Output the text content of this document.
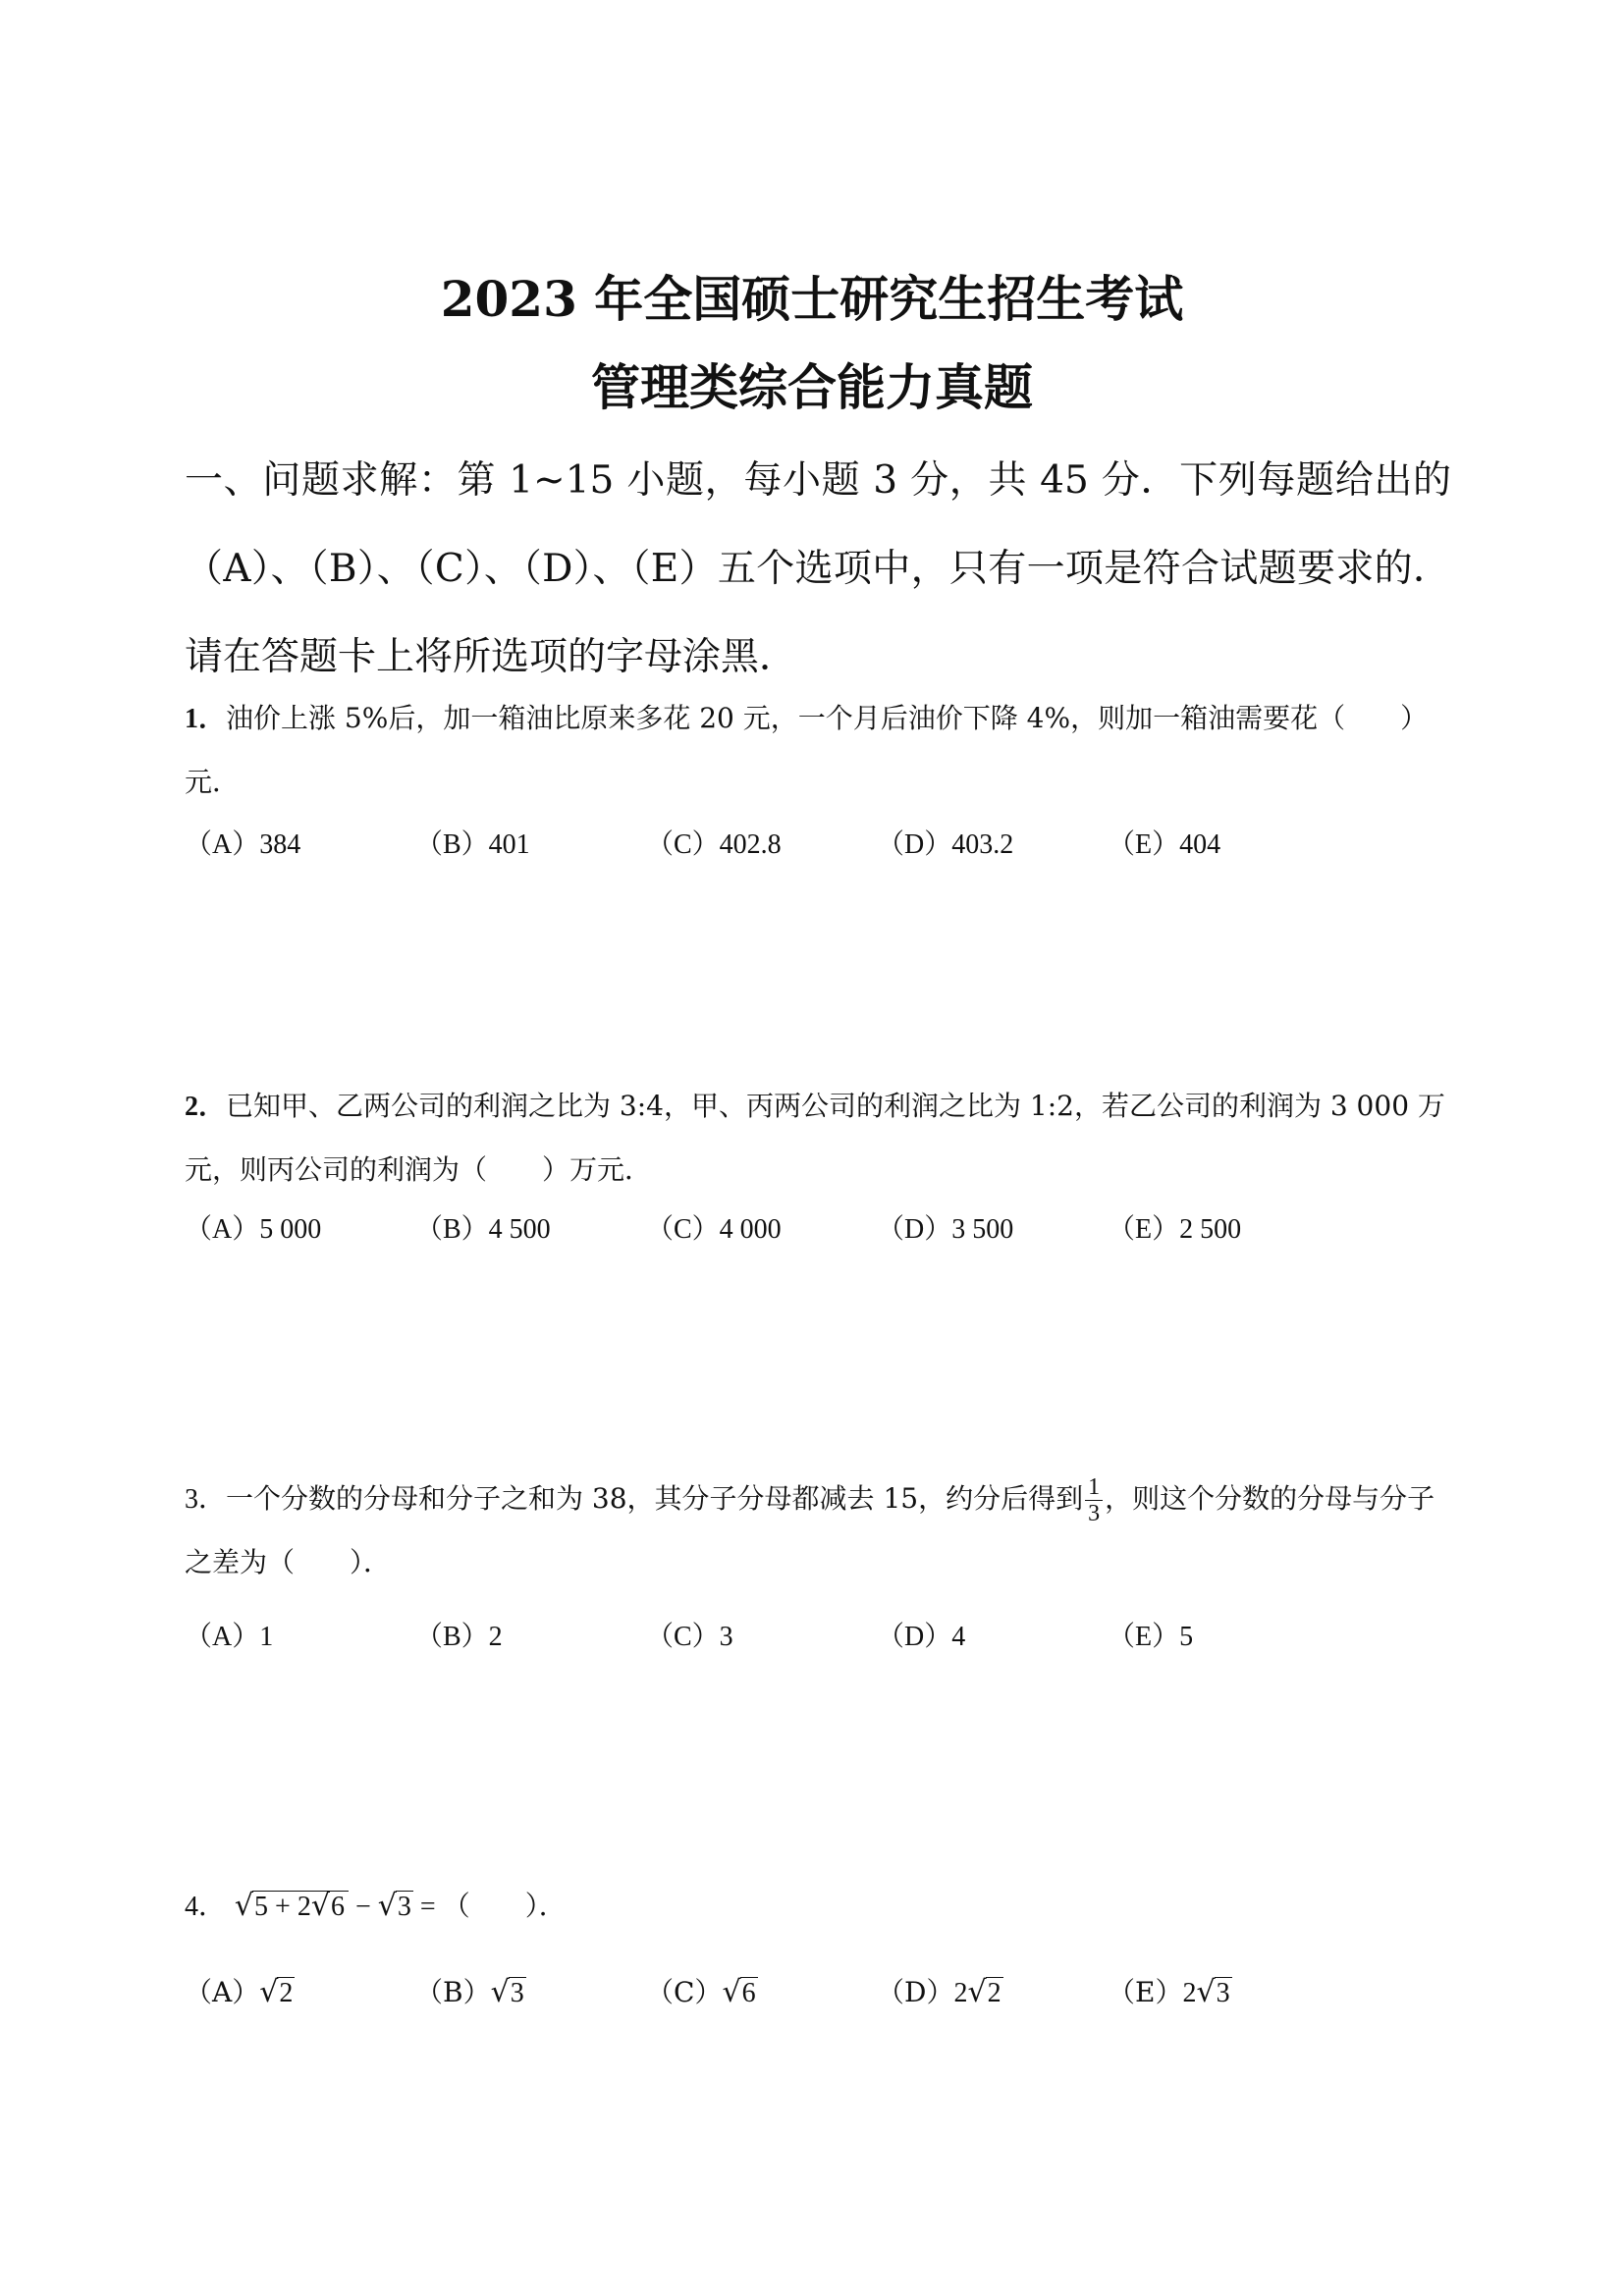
2023 年全国硕士研究生招生考试
管理类综合能力真题
一、问题求解：第 1~15 小题，每小题 3 分，共 45 分．下列每题给出的（A）、（B）、（C）、（D）、（E）五个选项中，只有一项是符合试题要求的．请在答题卡上将所选项的字母涂黑．
1．油价上涨 5%后，加一箱油比原来多花 20 元，一个月后油价下降 4%，则加一箱油需要花（　　）元．
（A）384	（B）401	（C）402.8	（D）403.2	（E）404
2．已知甲、乙两公司的利润之比为 3:4，甲、丙两公司的利润之比为 1:2，若乙公司的利润为 3 000 万元，则丙公司的利润为（　　）万元．
（A）5 000	（B）4 500	（C）4 000	（D）3 500	（E）2 500
3．一个分数的分母和分子之和为 38，其分子分母都减去 15，约分后得到 $\frac{1}{3}$ ，则这个分数的分母与分子之差为（　　）．
（A）1	（B）2	（C）3	（D）4	（E）5
4． √5 + 2√6 − √3 = （　　）．
（A）√2	（B）√3	（C）√6	（D）2√2	（E）2√3
